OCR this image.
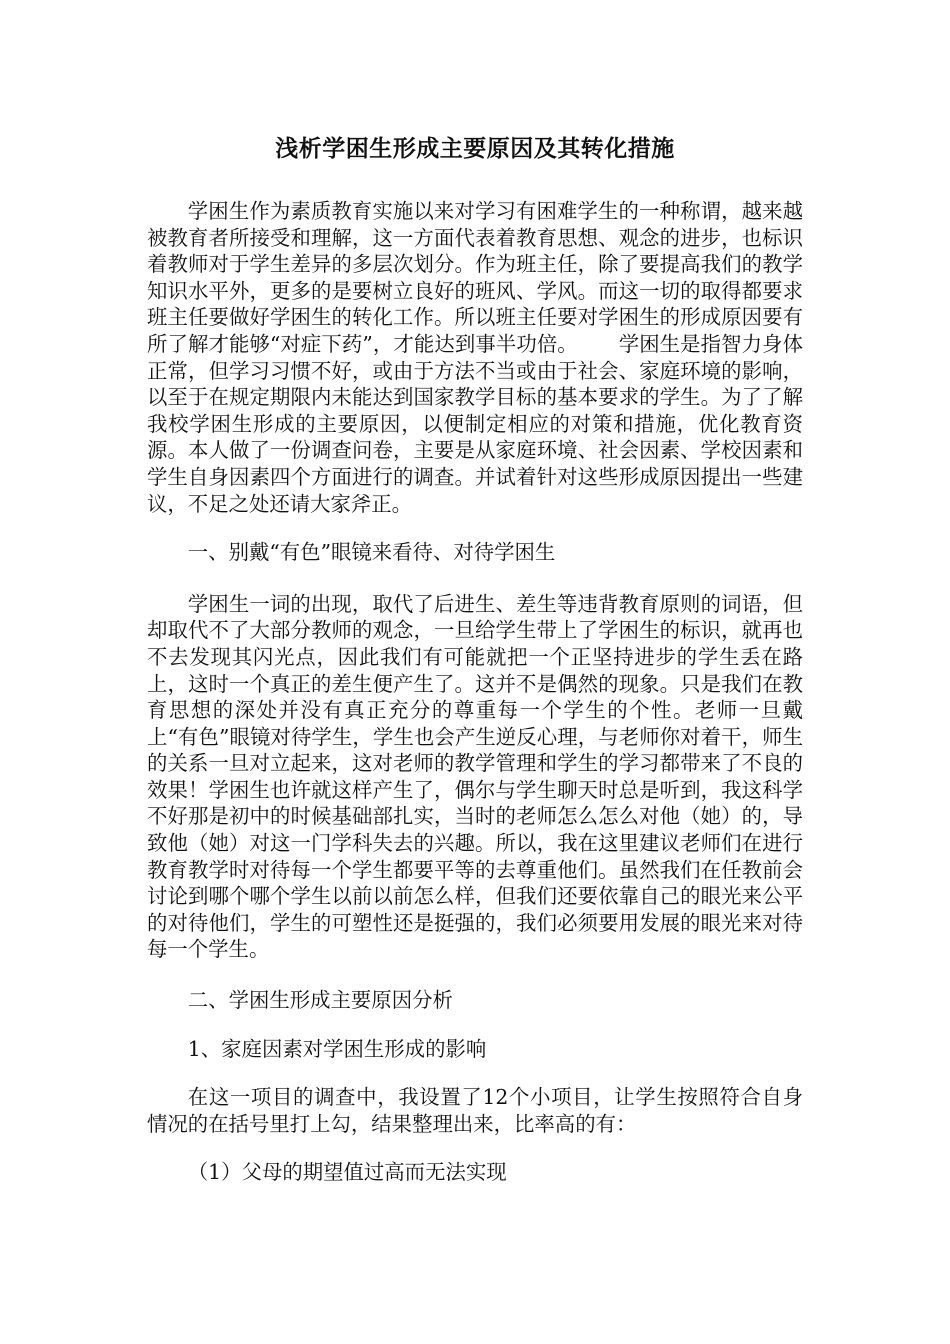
浅析学困生形成主要原因及其转化措施

学困生作为素质教育实施以来对学习有困难学生的一种称谓，越来越被教育者所接受和理解，这一方面代表着教育思想、观念的进步，也标识着教师对于学生差异的多层次划分。作为班主任，除了要提高我们的教学知识水平外，更多的是要树立良好的班风、学风。而这一切的取得都要求班主任要做好学困生的转化工作。所以班主任要对学困生的形成原因要有所了解才能够“对症下药”，才能达到事半功倍。 学困生是指智力身体正常，但学习习惯不好，或由于方法不当或由于社会、家庭环境的影响，以至于在规定期限内未能达到国家教学目标的基本要求的学生。为了了解我校学困生形成的主要原因，以便制定相应的对策和措施，优化教育资源。本人做了一份调查问卷，主要是从家庭环境、社会因素、学校因素和学生自身因素四个方面进行的调查。并试着针对这些形成原因提出一些建议，不足之处还请大家斧正。

一、别戴“有色”眼镜来看待、对待学困生

学困生一词的出现，取代了后进生、差生等违背教育原则的词语，但却取代不了大部分教师的观念，一旦给学生带上了学困生的标识，就再也不去发现其闪光点，因此我们有可能就把一个正坚持进步的学生丢在路上，这时一个真正的差生便产生了。这并不是偶然的现象。只是我们在教育思想的深处并没有真正充分的尊重每一个学生的个性。老师一旦戴上“有色”眼镜对待学生，学生也会产生逆反心理，与老师你对着干，师生的关系一旦对立起来，这对老师的教学管理和学生的学习都带来了不良的效果！学困生也许就这样产生了，偶尔与学生聊天时总是听到，我这科学不好那是初中的时候基础部扎实，当时的老师怎么怎么对他（她）的，导致他（她）对这一门学科失去的兴趣。所以，我在这里建议老师们在进行教育教学时对待每一个学生都要平等的去尊重他们。虽然我们在任教前会讨论到哪个哪个学生以前以前怎么样，但我们还要依靠自己的眼光来公平的对待他们，学生的可塑性还是挺强的，我们必须要用发展的眼光来对待每一个学生。

二、学困生形成主要原因分析

1、家庭因素对学困生形成的影响

在这一项目的调查中，我设置了12个小项目，让学生按照符合自身情况的在括号里打上勾，结果整理出来，比率高的有：

（1）父母的期望值过高而无法实现
